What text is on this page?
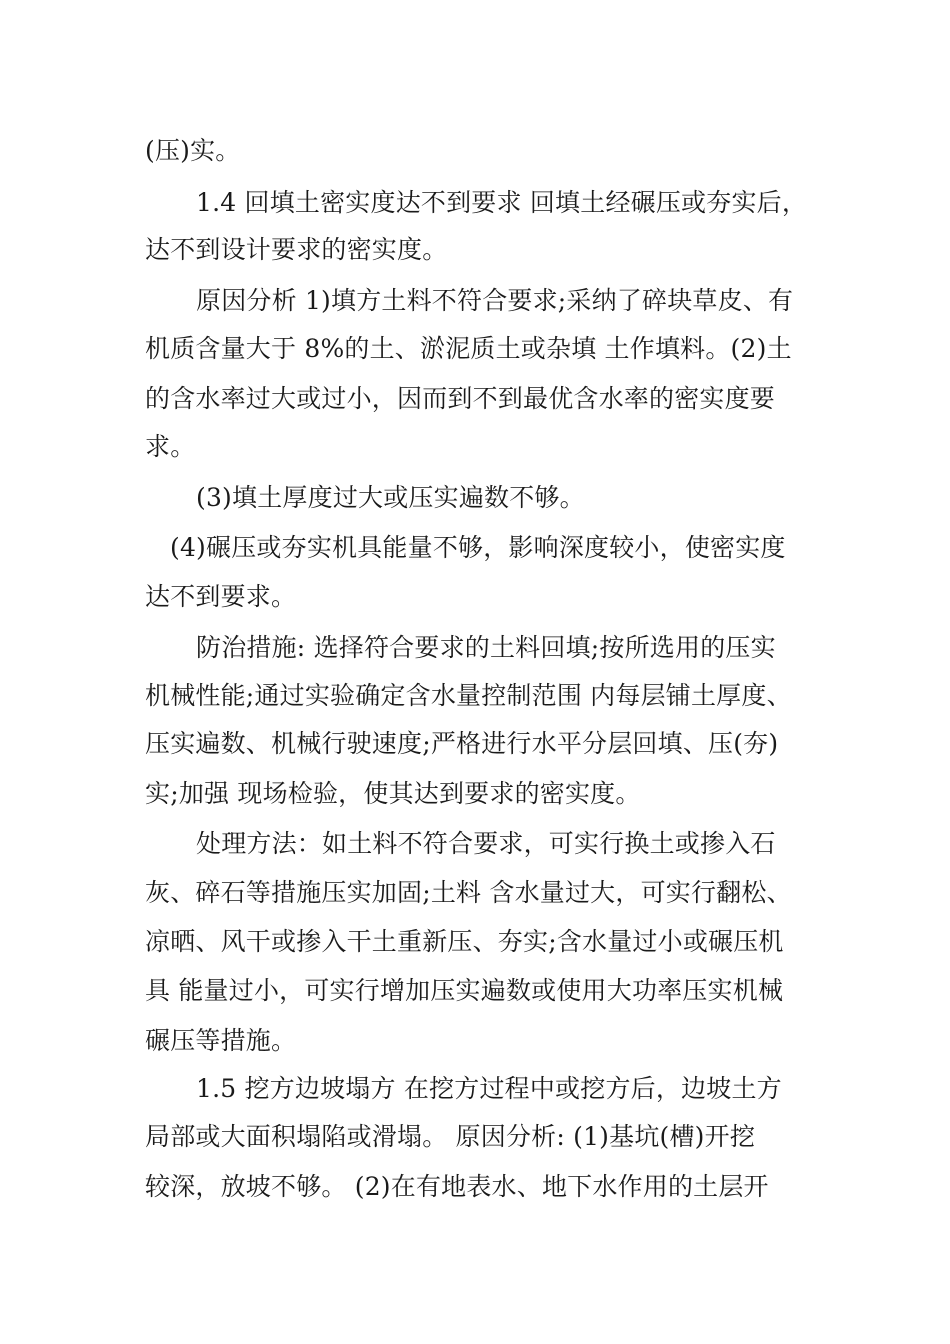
(压)实。
1.4 回填土密实度达不到要求 回填土经碾压或夯实后，
达不到设计要求的密实度。
原因分析 1)填方土料不符合要求;采纳了碎块草皮、有
机质含量大于 8%的土、淤泥质土或杂填 土作填料。(2)土
的含水率过大或过小，因而到不到最优含水率的密实度要
求。
(3)填土厚度过大或压实遍数不够。
(4)碾压或夯实机具能量不够，影响深度较小，使密实度
达不到要求。
防治措施: 选择符合要求的土料回填;按所选用的压实
机械性能;通过实验确定含水量控制范围 内每层铺土厚度、
压实遍数、机械行驶速度;严格进行水平分层回填、压(夯)
实;加强 现场检验，使其达到要求的密实度。
处理方法：如土料不符合要求，可实行换土或掺入石
灰、碎石等措施压实加固;土料 含水量过大，可实行翻松、
凉晒、风干或掺入干土重新压、夯实;含水量过小或碾压机
具 能量过小，可实行增加压实遍数或使用大功率压实机械
碾压等措施。
1.5 挖方边坡塌方 在挖方过程中或挖方后，边坡土方
局部或大面积塌陷或滑塌。 原因分析: (1)基坑(槽)开挖
较深，放坡不够。 (2)在有地表水、地下水作用的土层开
